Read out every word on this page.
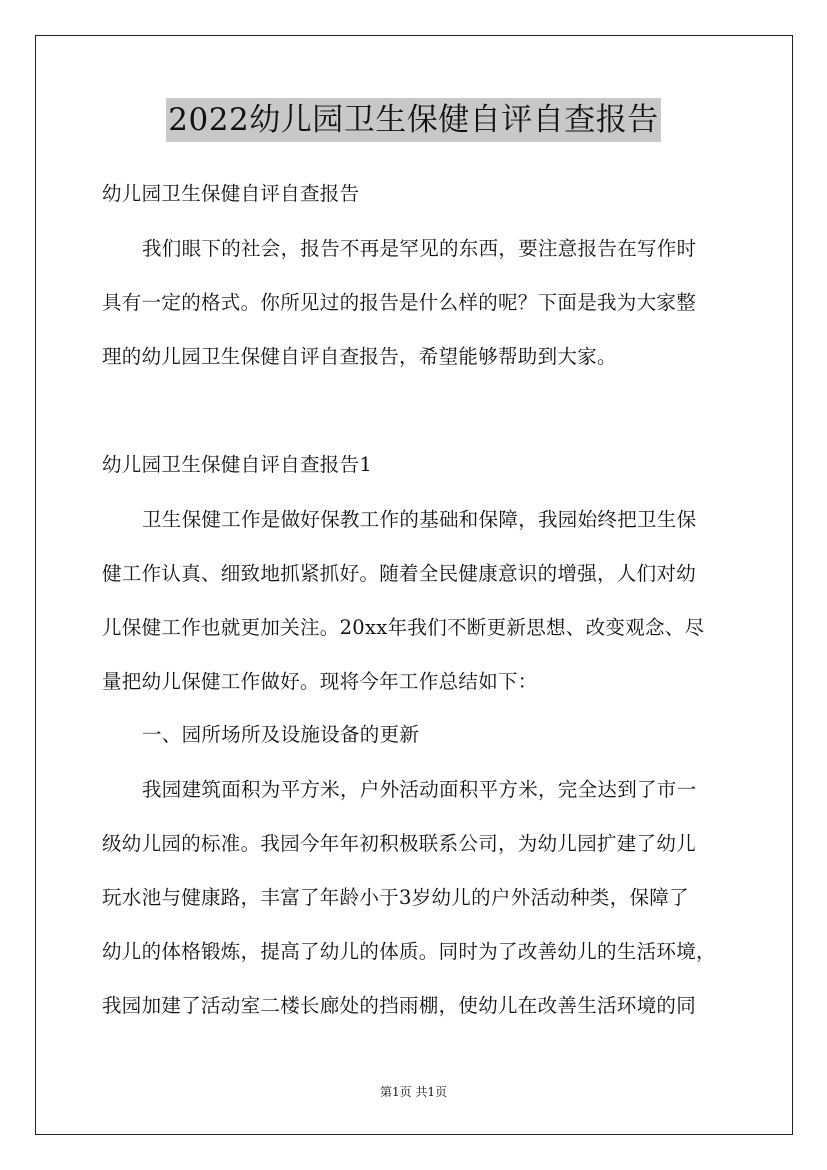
2022幼儿园卫生保健自评自查报告
幼儿园卫生保健自评自查报告
我们眼下的社会，报告不再是罕见的东西，要注意报告在写作时
具有一定的格式。你所见过的报告是什么样的呢？下面是我为大家整
理的幼儿园卫生保健自评自查报告，希望能够帮助到大家。
幼儿园卫生保健自评自查报告1
卫生保健工作是做好保教工作的基础和保障，我园始终把卫生保
健工作认真、细致地抓紧抓好。随着全民健康意识的增强，人们对幼
儿保健工作也就更加关注。20xx年我们不断更新思想、改变观念、尽
量把幼儿保健工作做好。现将今年工作总结如下：
一、园所场所及设施设备的更新
我园建筑面积为平方米，户外活动面积平方米，完全达到了市一
级幼儿园的标准。我园今年年初积极联系公司，为幼儿园扩建了幼儿
玩水池与健康路，丰富了年龄小于3岁幼儿的户外活动种类，保障了
幼儿的体格锻炼，提高了幼儿的体质。同时为了改善幼儿的生活环境，
我园加建了活动室二楼长廊处的挡雨棚，使幼儿在改善生活环境的同
第1页 共1页
